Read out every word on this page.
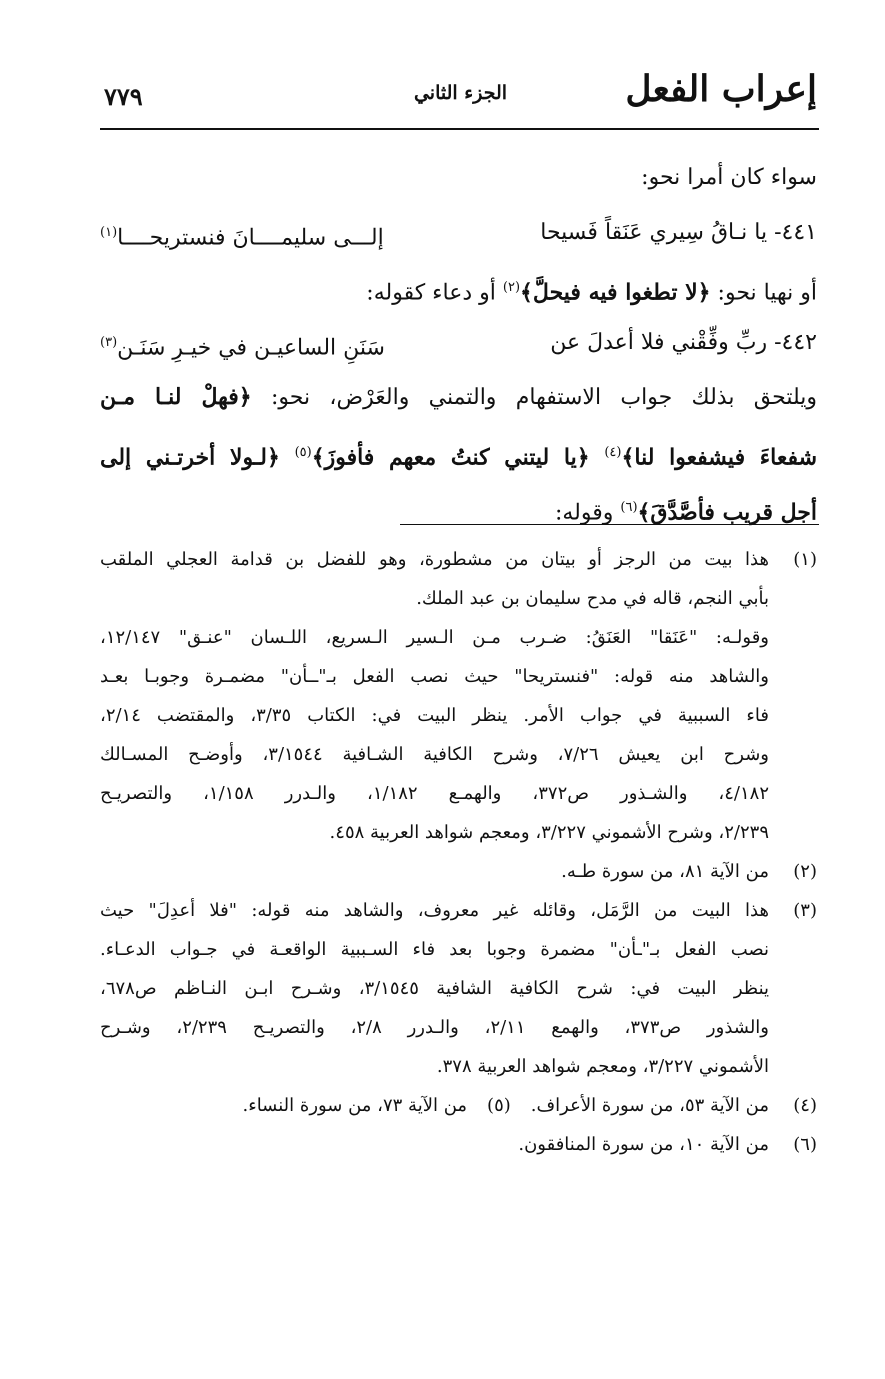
إعراب الفعل
الجزء الثاني
٧٧٩
سواء كان أمرا نحو:
٤٤١- يا نـاقُ سِيري عَنَقاً فَسيحا
إلـــى سليمــــانَ فنستريحــــا$^{(١)}$
أو نهيا نحو: ﴿لا تطغوا فيه فيحلَّ﴾$^{(٢)}$ أو دعاء كقوله:
٤٤٢- ربِّ وفِّقْني فلا أعدلَ عن
سَنَنِ الساعيـن في خيـرِ سَنَـن$^{(٣)}$
ويلتحق بذلك جواب الاستفهام والتمني والعَرْض، نحو: ﴿فهلْ لنـا مـن
شفعاءَ فيشفعوا لنا﴾$^{(٤)}$ ﴿يا ليتني كنتُ معهم فأفوزَ﴾$^{(٥)}$ ﴿لـولا أخرتـني إلى
أجل قريب فأصَّدَّقَ﴾$^{(٦)}$ وقوله:
(١)
هذا بيت من الرجز أو بيتان من مشطورة، وهو للفضل بن قدامة العجلي الملقب
بأبي النجم، قاله في مدح سليمان بن عبد الملك.
وقولـه: "عَنَقا" العَنَقُ: ضـرب مـن الـسير الـسريع، اللـسان "عنـق" ١٢/١٤٧،
والشاهد منه قوله: "فنستريحا" حيث نصب الفعل بـ"ــأن" مضمـرة وجوبـا بعـد
فاء السببية في جواب الأمر. ينظر البيت في: الكتاب ٣/٣٥، والمقتضب ٢/١٤،
وشرح ابن يعيش ٧/٢٦، وشرح الكافية الشـافية ٣/١٥٤٤، وأوضـح المسـالك
٤/١٨٢، والشـذور ص٣٧٢، والهمـع ١/١٨٢، والـدرر ١/١٥٨، والتصريـح
٢/٢٣٩، وشرح الأشموني ٣/٢٢٧، ومعجم شواهد العربية ٤٥٨.
(٢)
من الآية ٨١، من سورة طـه.
(٣)
هذا البيت من الرَّمَل، وقائله غير معروف، والشاهد منه قوله: "فلا أعدِلَ" حيث
نصب الفعل بـ"ـأن" مضمرة وجوبا بعد فاء السـببية الواقعـة في جـواب الدعـاء.
ينظر البيت في: شرح الكافية الشافية ٣/١٥٤٥، وشـرح ابـن النـاظم ص٦٧٨،
والشذور ص٣٧٣، والهمع ٢/١١، والـدرر ٢/٨، والتصريـح ٢/٢٣٩، وشـرح
الأشموني ٣/٢٢٧، ومعجم شواهد العربية ٣٧٨.
(٤)
من الآية ٥٣، من سورة الأعراف.
(٥)
من الآية ٧٣، من سورة النساء.
(٦)
من الآية ١٠، من سورة المنافقون.
